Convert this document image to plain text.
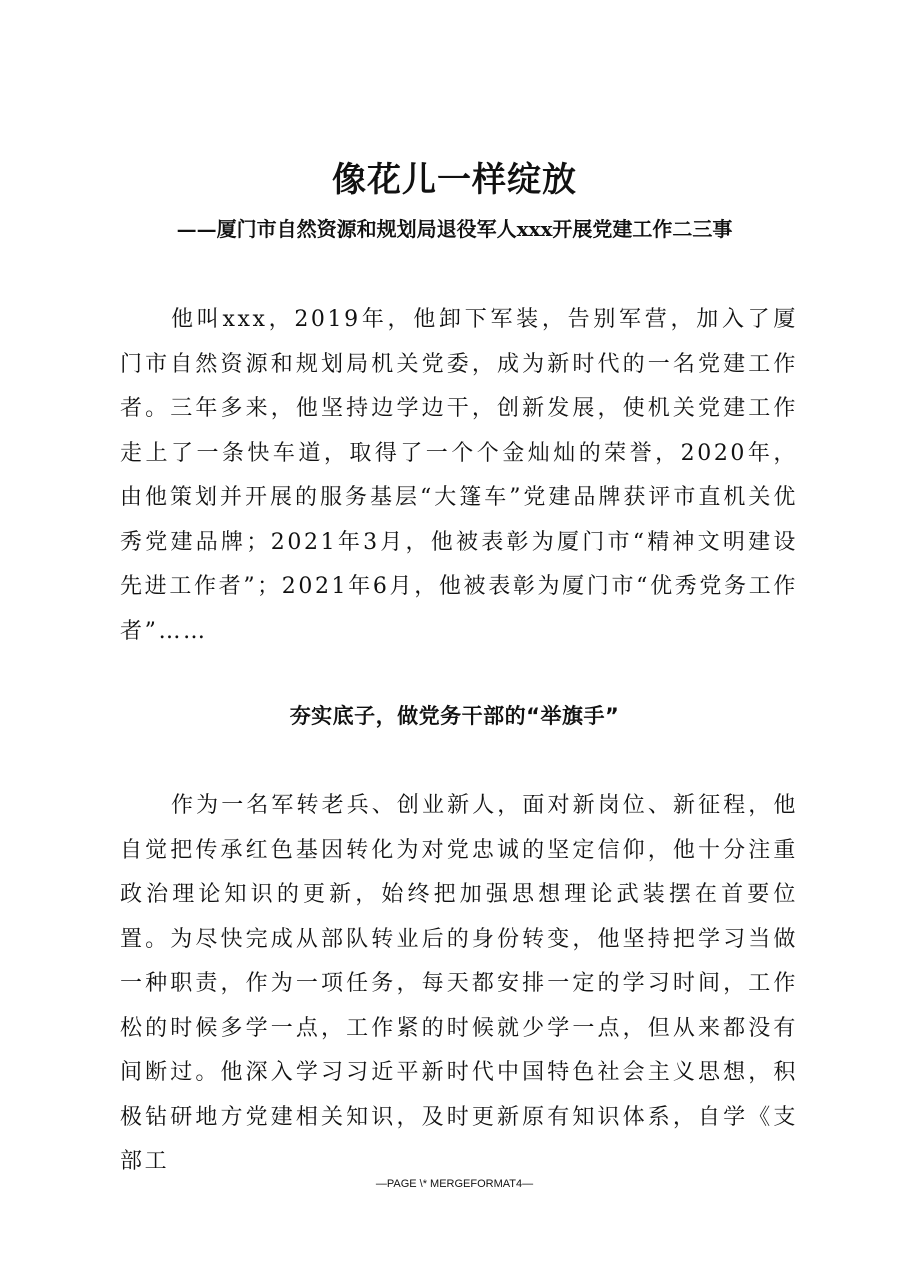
像花儿一样绽放
——厦门市自然资源和规划局退役军人xxx开展党建工作二三事

他叫xxx，2019年，他卸下军装，告别军营，加入了厦门市自然资源和规划局机关党委，成为新时代的一名党建工作者。三年多来，他坚持边学边干，创新发展，使机关党建工作走上了一条快车道，取得了一个个金灿灿的荣誉，2020年，由他策划并开展的服务基层“大篷车”党建品牌获评市直机关优秀党建品牌；2021年3月，他被表彰为厦门市“精神文明建设先进工作者”；2021年6月，他被表彰为厦门市“优秀党务工作者”……

夯实底子，做党务干部的“举旗手”

作为一名军转老兵、创业新人，面对新岗位、新征程，他自觉把传承红色基因转化为对党忠诚的坚定信仰，他十分注重政治理论知识的更新，始终把加强思想理论武装摆在首要位置。为尽快完成从部队转业后的身份转变，他坚持把学习当做一种职责，作为一项任务，每天都安排一定的学习时间，工作松的时候多学一点，工作紧的时候就少学一点，但从来都没有间断过。他深入学习习近平新时代中国特色社会主义思想，积极钻研地方党建相关知识，及时更新原有知识体系，自学《支部工

—PAGE \* MERGEFORMAT4—
